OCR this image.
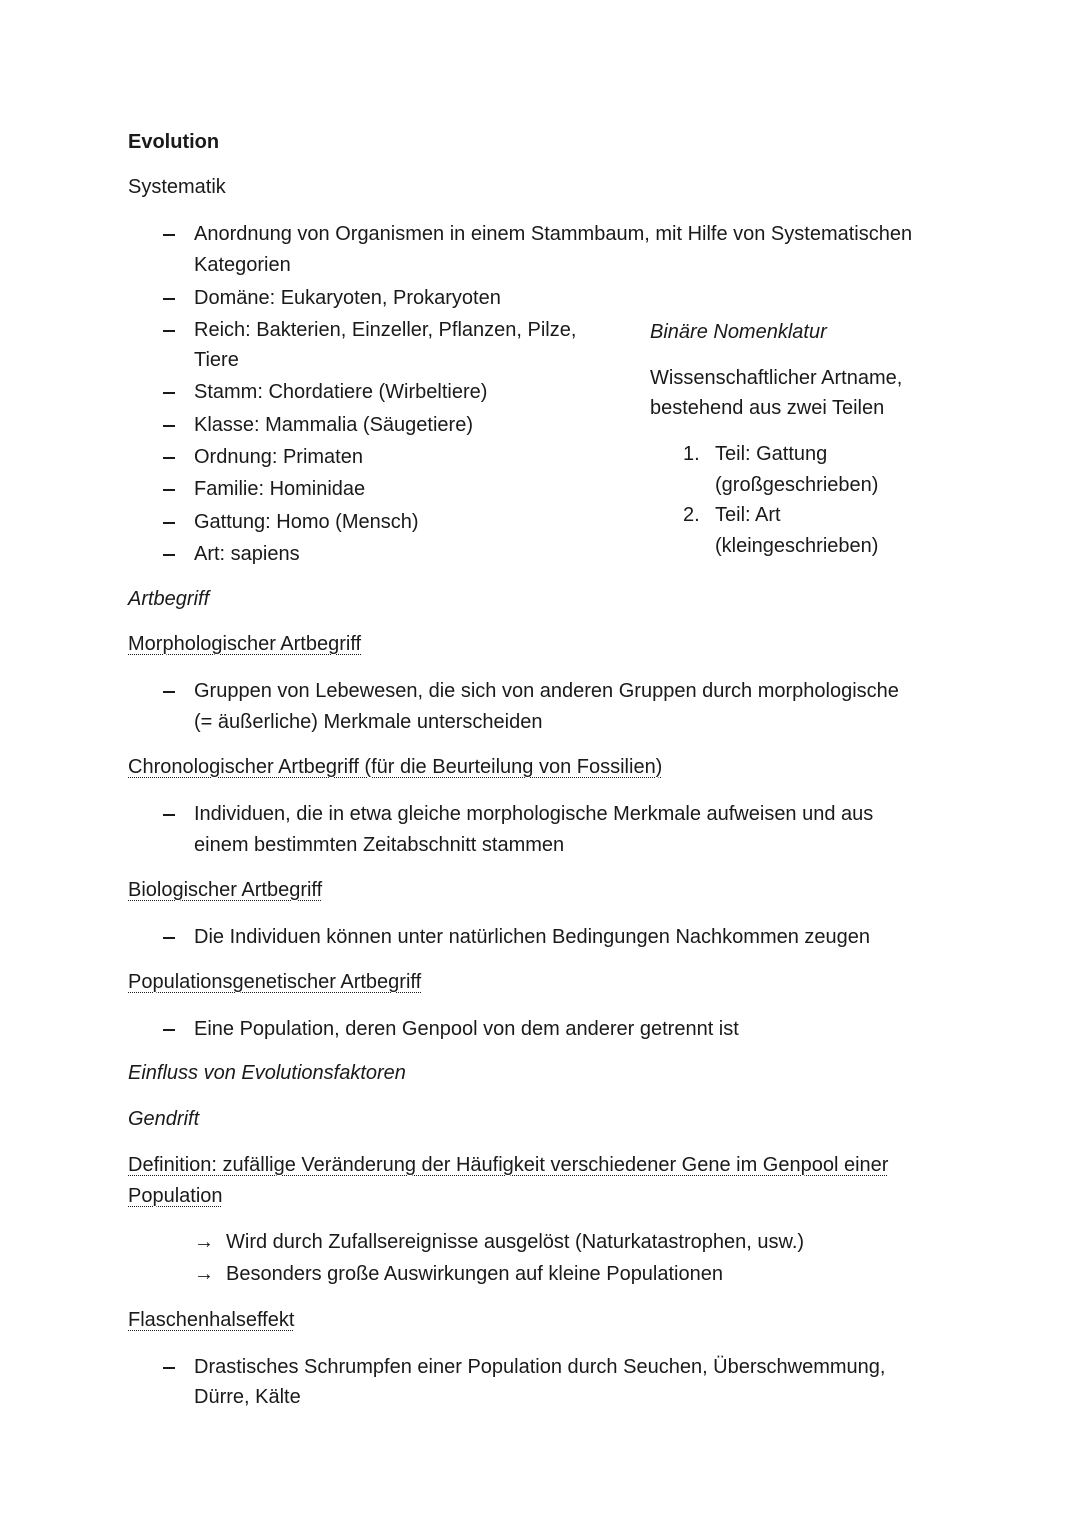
Evolution
Systematik
Anordnung von Organismen in einem Stammbaum, mit Hilfe von Systematischen
Kategorien
Domäne: Eukaryoten, Prokaryoten
Reich: Bakterien, Einzeller, Pflanzen, Pilze,
Tiere
Stamm: Chordatiere (Wirbeltiere)
Klasse: Mammalia (Säugetiere)
Ordnung: Primaten
Familie: Hominidae
Gattung: Homo (Mensch)
Art: sapiens
Binäre Nomenklatur
Wissenschaftlicher Artname,
bestehend aus zwei Teilen
1. Teil: Gattung
(großgeschrieben)
2. Teil: Art
(kleingeschrieben)
Artbegriff
Morphologischer Artbegriff
Gruppen von Lebewesen, die sich von anderen Gruppen durch morphologische
(= äußerliche) Merkmale unterscheiden
Chronologischer Artbegriff (für die Beurteilung von Fossilien)
Individuen, die in etwa gleiche morphologische Merkmale aufweisen und aus
einem bestimmten Zeitabschnitt stammen
Biologischer Artbegriff
Die Individuen können unter natürlichen Bedingungen Nachkommen zeugen
Populationsgenetischer Artbegriff
Eine Population, deren Genpool von dem anderer getrennt ist
Einfluss von Evolutionsfaktoren
Gendrift
Definition: zufällige Veränderung der Häufigkeit verschiedener Gene im Genpool einer
Population
→ Wird durch Zufallsereignisse ausgelöst (Naturkatastrophen, usw.)
→ Besonders große Auswirkungen auf kleine Populationen
Flaschenhalseffekt
Drastisches Schrumpfen einer Population durch Seuchen, Überschwemmung,
Dürre, Kälte
